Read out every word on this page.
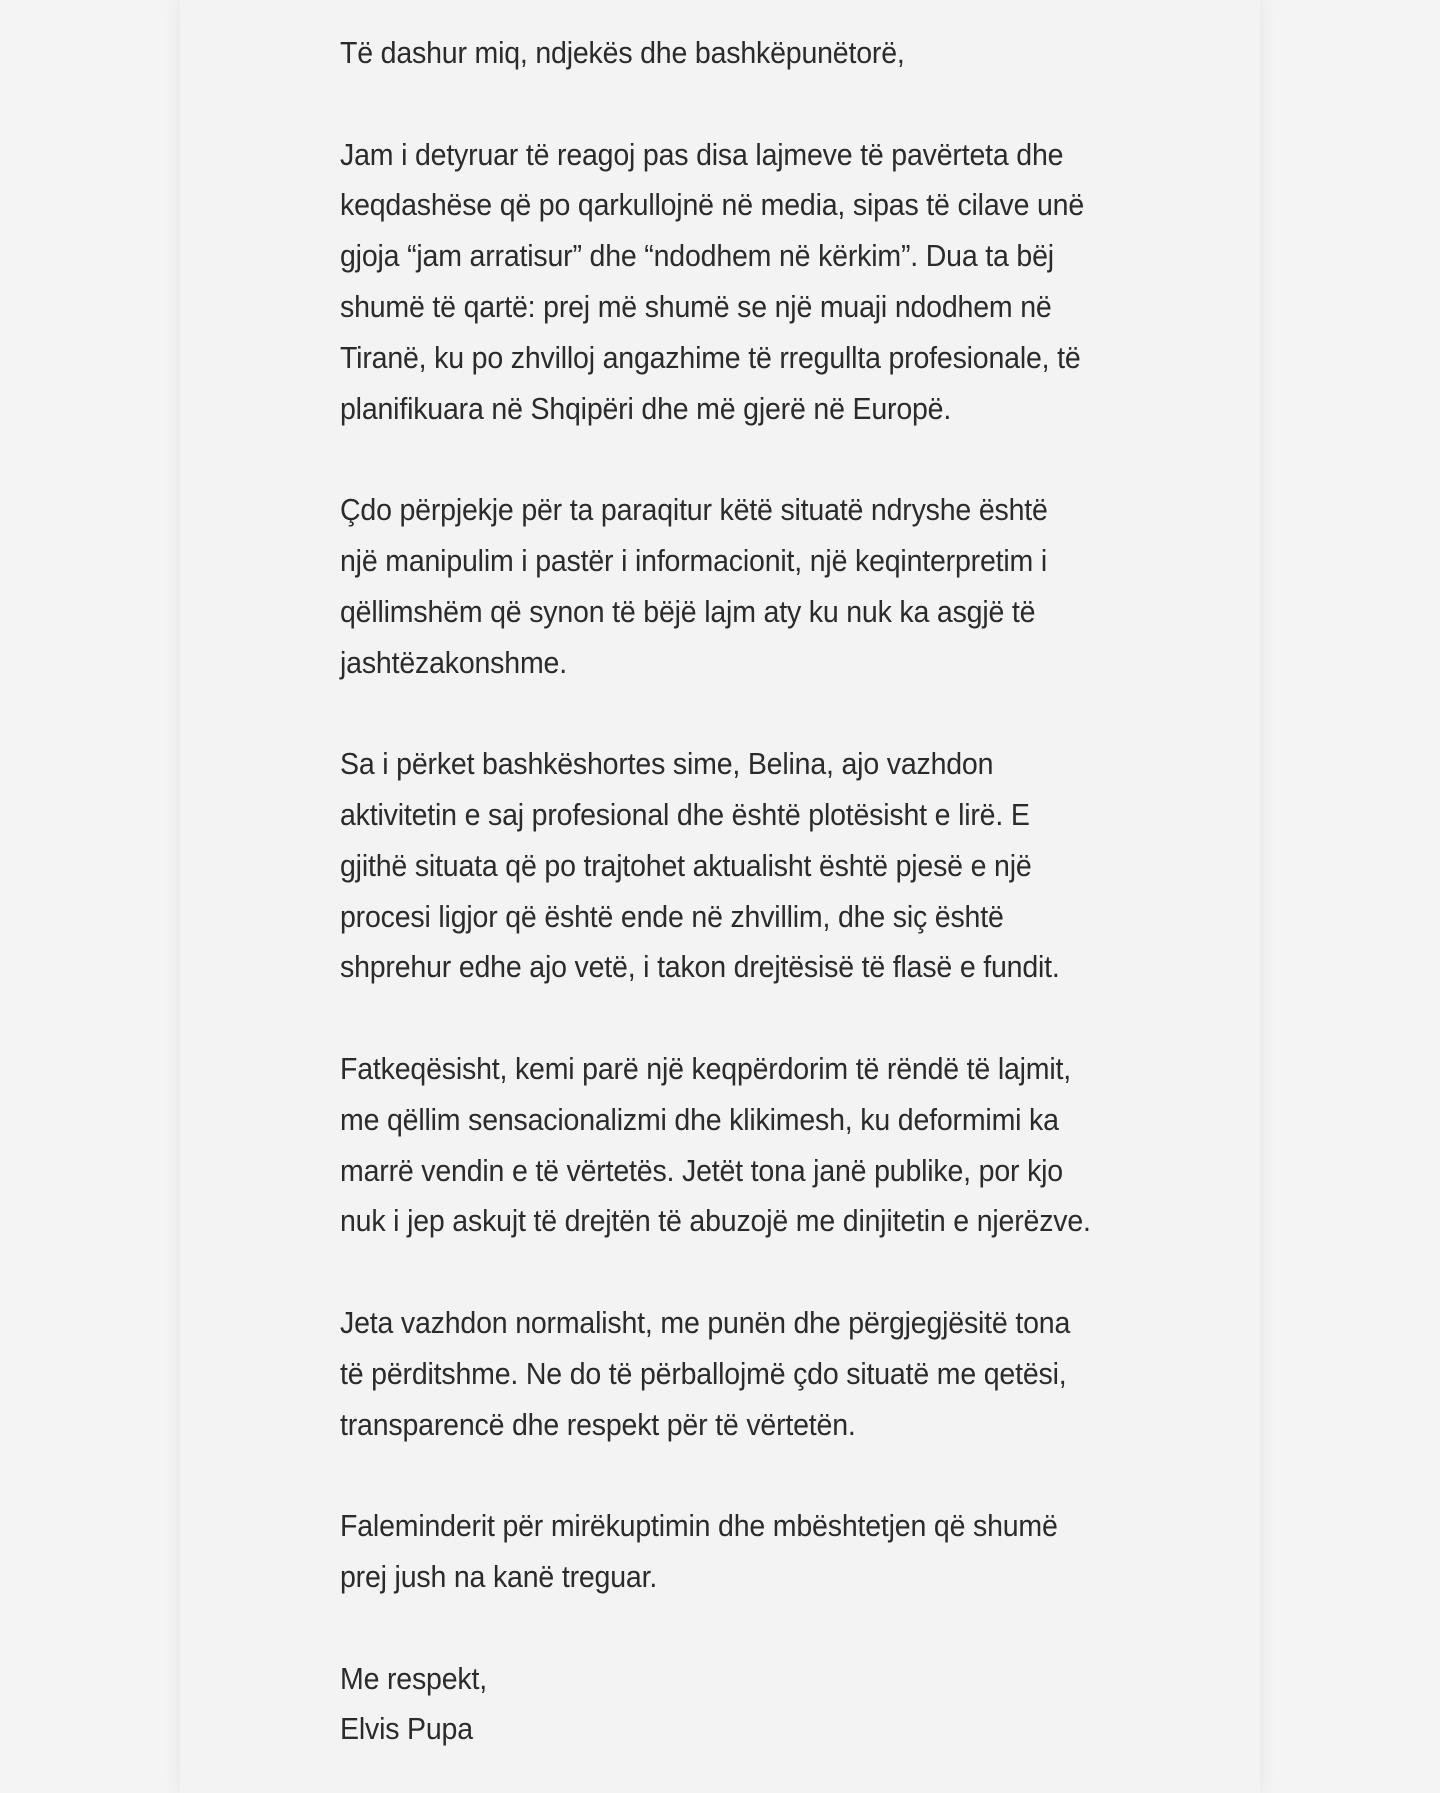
Të dashur miq, ndjekës dhe bashkëpunëtorë,

Jam i detyruar të reagoj pas disa lajmeve të pavërteta dhe
keqdashëse që po qarkullojnë në media, sipas të cilave unë
gjoja “jam arratisur” dhe “ndodhem në kërkim”. Dua ta bëj
shumë të qartë: prej më shumë se një muaji ndodhem në
Tiranë, ku po zhvilloj angazhime të rregullta profesionale, të
planifikuara në Shqipëri dhe më gjerë në Europë.

Çdo përpjekje për ta paraqitur këtë situatë ndryshe është
një manipulim i pastër i informacionit, një keqinterpretim i
qëllimshëm që synon të bëjë lajm aty ku nuk ka asgjë të
jashtëzakonshme.

Sa i përket bashkëshortes sime, Belina, ajo vazhdon
aktivitetin e saj profesional dhe është plotësisht e lirë. E
gjithë situata që po trajtohet aktualisht është pjesë e një
procesi ligjor që është ende në zhvillim, dhe siç është
shprehur edhe ajo vetë, i takon drejtësisë të flasë e fundit.

Fatkeqësisht, kemi parë një keqpërdorim të rëndë të lajmit,
me qëllim sensacionalizmi dhe klikimesh, ku deformimi ka
marrë vendin e të vërtetës. Jetët tona janë publike, por kjo
nuk i jep askujt të drejtën të abuzojë me dinjitetin e njerëzve.

Jeta vazhdon normalisht, me punën dhe përgjegjësitë tona
të përditshme. Ne do të përballojmë çdo situatë me qetësi,
transparencë dhe respekt për të vërtetën.

Faleminderit për mirëkuptimin dhe mbështetjen që shumë
prej jush na kanë treguar.

Me respekt,
Elvis Pupa
